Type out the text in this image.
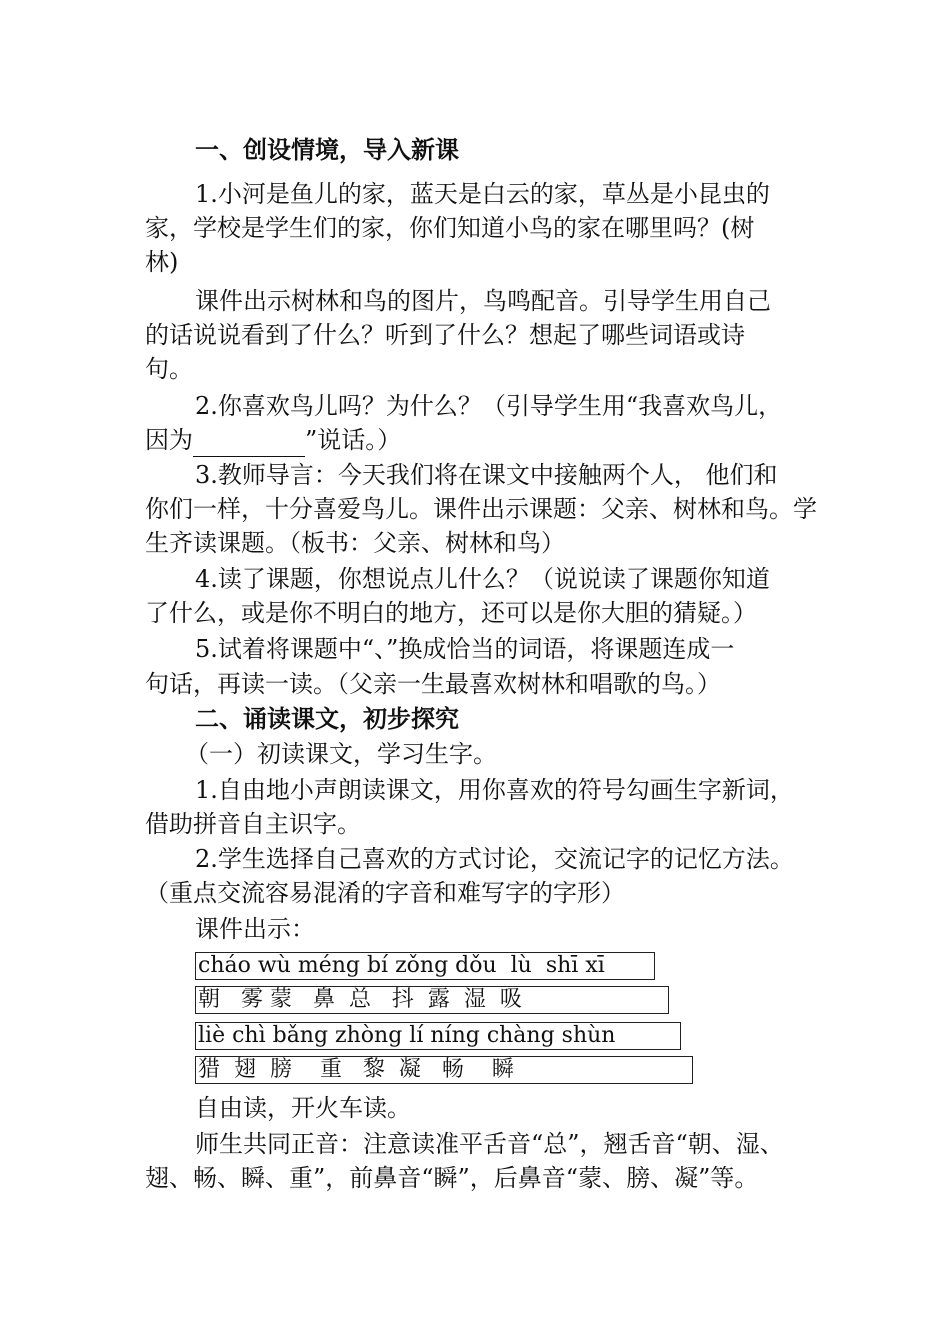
一、创设情境，导入新课
1.小河是鱼儿的家，蓝天是白云的家，草丛是小昆虫的
家，学校是学生们的家，你们知道小鸟的家在哪里吗？(树
林)
课件出示树林和鸟的图片，鸟鸣配音。引导学生用自己
的话说说看到了什么？听到了什么？想起了哪些词语或诗
句。
2.你喜欢鸟儿吗？为什么？（引导学生用“我喜欢鸟儿，
因为	”说话。）
3.教师导言：今天我们将在课文中接触两个人， 他们和
你们一样，十分喜爱鸟儿。课件出示课题：父亲、树林和鸟。学
生齐读课题。（板书：父亲、树林和鸟）
4.读了课题，你想说点儿什么？（说说读了课题你知道
了什么，或是你不明白的地方，还可以是你大胆的猜疑。）
5.试着将课题中“、”换成恰当的词语，将课题连成一
句话，再读一读。（父亲一生最喜欢树林和唱歌的鸟。）
二、诵读课文，初步探究
（一）初读课文，学习生字。
1.自由地小声朗读课文，用你喜欢的符号勾画生字新词，
借助拼音自主识字。
2.学生选择自己喜欢的方式讨论，交流记字的记忆方法。
（重点交流容易混淆的字音和难写字的字形）
课件出示：
cháo wù méng bí zǒng dǒu  lù  shī xī
朝   雾 蒙   鼻  总   抖  露  湿  吸
liè chì bǎng zhòng lí níng chàng shùn
猎  翅  膀    重   黎  凝   畅    瞬
自由读，开火车读。
师生共同正音：注意读准平舌音“总”，翘舌音“朝、湿、
翅、畅、瞬、重”，前鼻音“瞬”，后鼻音“蒙、膀、凝”等。
